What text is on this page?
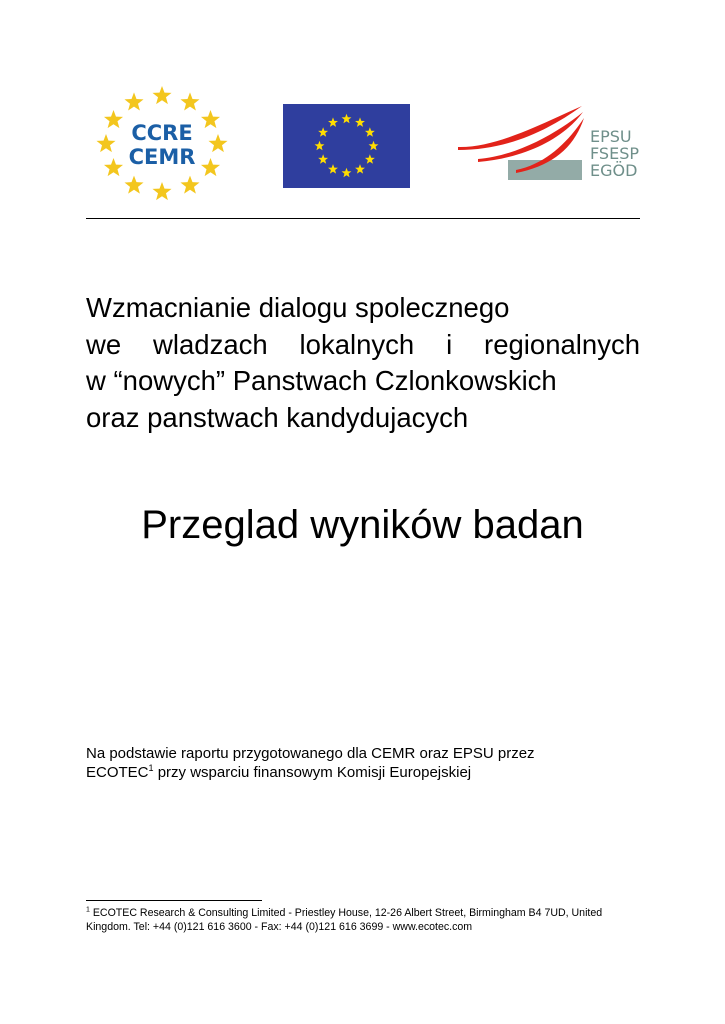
CCRE
CEMR
EPSU
FSESP
EGÖD
Wzmacnianie dialogu spolecznego
we wladzach lokalnych i regionalnych
w “nowych” Panstwach Czlonkowskich
oraz panstwach kandydujacych
Przeglad wyników badan
Na podstawie raportu przygotowanego dla CEMR oraz EPSU przez
ECOTEC$^1$ przy wsparciu finansowym Komisji Europejskiej
$^1$ ECOTEC Research & Consulting Limited - Priestley House, 12-26 Albert Street, Birmingham B4 7UD, United
Kingdom. Tel: +44 (0)121 616 3600 - Fax: +44 (0)121 616 3699 - www.ecotec.com
